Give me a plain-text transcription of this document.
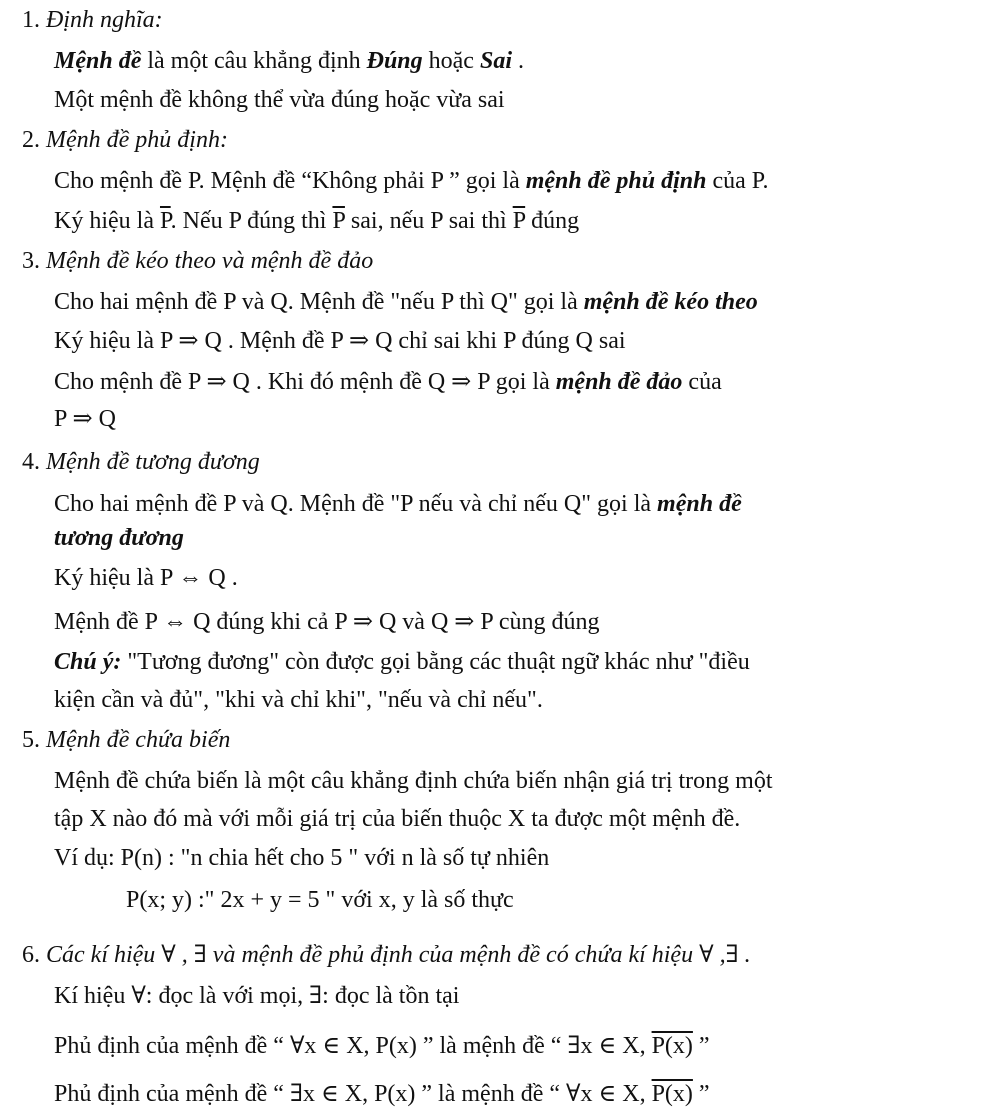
1. Định nghĩa:
Mệnh đề là một câu khẳng định Đúng hoặc Sai .
Một mệnh đề không thể vừa đúng hoặc vừa sai
2. Mệnh đề phủ định:
Cho mệnh đề P. Mệnh đề “Không phải P ” gọi là mệnh đề phủ định của P.
Ký hiệu là $\overline{P}$. Nếu P đúng thì $\overline{P}$ sai, nếu P sai thì $\overline{P}$ đúng
3. Mệnh đề kéo theo và mệnh đề đảo
Cho hai mệnh đề P và Q. Mệnh đề "nếu P thì Q" gọi là mệnh đề kéo theo
Ký hiệu là P ⇒ Q . Mệnh đề P ⇒ Q chỉ sai khi P đúng Q sai
Cho mệnh đề P ⇒ Q . Khi đó mệnh đề Q ⇒ P gọi là mệnh đề đảo của
P ⇒ Q
4. Mệnh đề tương đương
Cho hai mệnh đề P và Q. Mệnh đề "P nếu và chỉ nếu Q" gọi là mệnh đề
tương đương
Ký hiệu là P ⇔ Q .
Mệnh đề P ⇔ Q đúng khi cả P ⇒ Q và Q ⇒ P cùng đúng
Chú ý: "Tương đương" còn được gọi bằng các thuật ngữ khác như "điều
kiện cần và đủ", "khi và chỉ khi", "nếu và chỉ nếu".
5. Mệnh đề chứa biến
Mệnh đề chứa biến là một câu khẳng định chứa biến nhận giá trị trong một
tập X nào đó mà với mỗi giá trị của biến thuộc X ta được một mệnh đề.
Ví dụ: P(n) : "n chia hết cho 5 " với n là số tự nhiên
P(x; y) :" 2x + y = 5 " với x, y là số thực
6. Các kí hiệu ∀ , ∃ và mệnh đề phủ định của mệnh đề có chứa kí hiệu ∀ ,∃ .
Kí hiệu ∀: đọc là với mọi, ∃: đọc là tồn tại
Phủ định của mệnh đề “ ∀x ∈ X, P(x) ” là mệnh đề “ ∃x ∈ X, P(x) ”
Phủ định của mệnh đề “ ∃x ∈ X, P(x) ” là mệnh đề “ ∀x ∈ X, P(x) ”
